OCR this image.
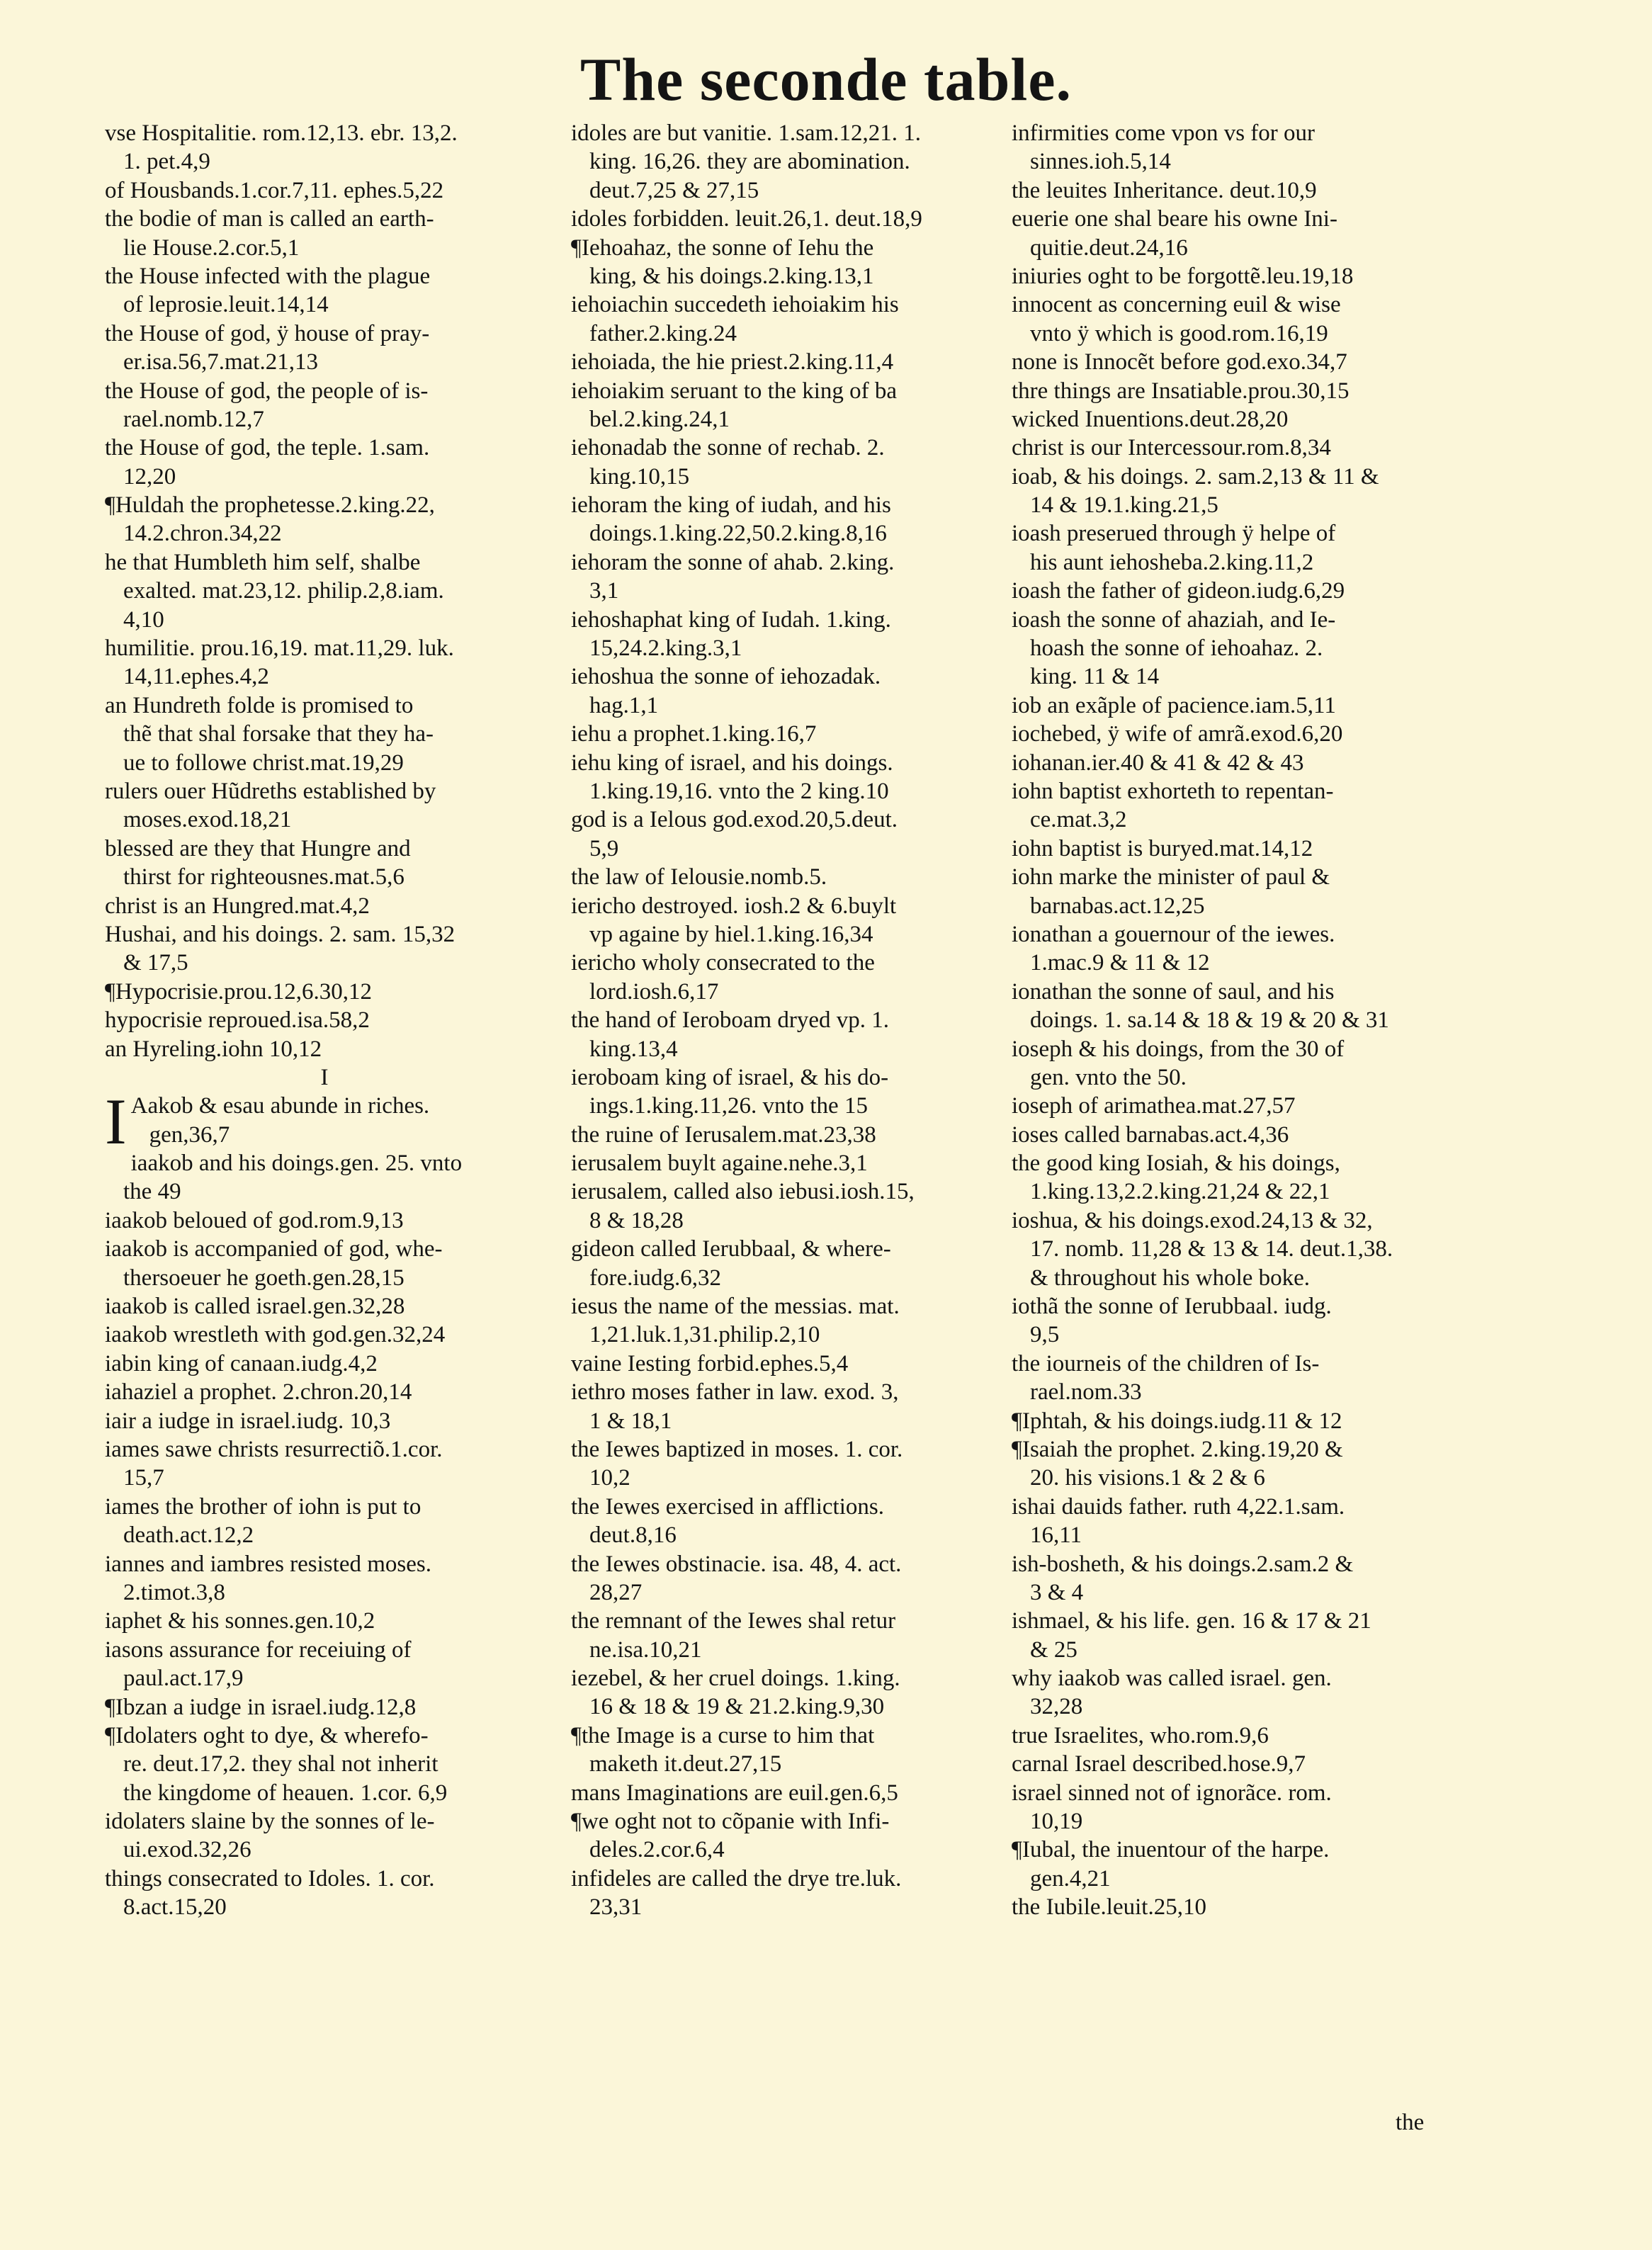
The seconde table.
vse Hospitalitie. rom.12,13. ebr. 13,2.
1. pet.4,9
of Housbands.1.cor.7,11. ephes.5,22
the bodie of man is called an earth-
lie House.2.cor.5,1
the House infected with the plague
of leprosie.leuit.14,14
the House of god, ÿ house of pray-
er.isa.56,7.mat.21,13
the House of god, the people of is-
rael.nomb.12,7
the House of god, the teple. 1.sam.
12,20
¶Huldah the prophetesse.2.king.22,
14.2.chron.34,22
he that Humbleth him self, shalbe
exalted. mat.23,12. philip.2,8.iam.
4,10
humilitie. prou.16,19. mat.11,29. luk.
14,11.ephes.4,2
an Hundreth folde is promised to
thẽ that shal forsake that they ha-
ue to followe christ.mat.19,29
rulers ouer Hũdreths established by
moses.exod.18,21
blessed are they that Hungre and
thirst for righteousnes.mat.5,6
christ is an Hungred.mat.4,2
Hushai, and his doings. 2. sam. 15,32
& 17,5
¶Hypocrisie.prou.12,6.30,12
hypocrisie reproued.isa.58,2
an Hyreling.iohn 10,12
I
I Aakob & esau abunde in riches.
gen,36,7
iaakob and his doings.gen. 25. vnto
the 49
iaakob beloued of god.rom.9,13
iaakob is accompanied of god, whe-
thersoeuer he goeth.gen.28,15
iaakob is called israel.gen.32,28
iaakob wrestleth with god.gen.32,24
iabin king of canaan.iudg.4,2
iahaziel a prophet. 2.chron.20,14
iair a iudge in israel.iudg. 10,3
iames sawe christs resurrectiõ.1.cor.
15,7
iames the brother of iohn is put to
death.act.12,2
iannes and iambres resisted moses.
2.timot.3,8
iaphet & his sonnes.gen.10,2
iasons assurance for receiuing of
paul.act.17,9
¶Ibzan a iudge in israel.iudg.12,8
¶Idolaters oght to dye, & wherefo-
re. deut.17,2. they shal not inherit
the kingdome of heauen. 1.cor. 6,9
idolaters slaine by the sonnes of le-
ui.exod.32,26
things consecrated to Idoles. 1. cor.
8.act.15,20
idoles are but vanitie. 1.sam.12,21. 1.
king. 16,26. they are abomination.
deut.7,25 & 27,15
idoles forbidden. leuit.26,1. deut.18,9
¶Iehoahaz, the sonne of Iehu the
king, & his doings.2.king.13,1
iehoiachin succedeth iehoiakim his
father.2.king.24
iehoiada, the hie priest.2.king.11,4
iehoiakim seruant to the king of ba
bel.2.king.24,1
iehonadab the sonne of rechab. 2.
king.10,15
iehoram the king of iudah, and his
doings.1.king.22,50.2.king.8,16
iehoram the sonne of ahab. 2.king.
3,1
iehoshaphat king of Iudah. 1.king.
15,24.2.king.3,1
iehoshua the sonne of iehozadak.
hag.1,1
iehu a prophet.1.king.16,7
iehu king of israel, and his doings.
1.king.19,16. vnto the 2 king.10
god is a Ielous god.exod.20,5.deut.
5,9
the law of Ielousie.nomb.5.
iericho destroyed. iosh.2 & 6.buylt
vp againe by hiel.1.king.16,34
iericho wholy consecrated to the
lord.iosh.6,17
the hand of Ieroboam dryed vp. 1.
king.13,4
ieroboam king of israel, & his do-
ings.1.king.11,26. vnto the 15
the ruine of Ierusalem.mat.23,38
ierusalem buylt againe.nehe.3,1
ierusalem, called also iebusi.iosh.15,
8 & 18,28
gideon called Ierubbaal, & where-
fore.iudg.6,32
iesus the name of the messias. mat.
1,21.luk.1,31.philip.2,10
vaine Iesting forbid.ephes.5,4
iethro moses father in law. exod. 3,
1 & 18,1
the Iewes baptized in moses. 1. cor.
10,2
the Iewes exercised in afflictions.
deut.8,16
the Iewes obstinacie. isa. 48, 4. act.
28,27
the remnant of the Iewes shal retur
ne.isa.10,21
iezebel, & her cruel doings. 1.king.
16 & 18 & 19 & 21.2.king.9,30
¶the Image is a curse to him that
maketh it.deut.27,15
mans Imaginations are euil.gen.6,5
¶we oght not to cõpanie with Infi-
deles.2.cor.6,4
infideles are called the drye tre.luk.
23,31
infirmities come vpon vs for our
sinnes.ioh.5,14
the leuites Inheritance. deut.10,9
euerie one shal beare his owne Ini-
quitie.deut.24,16
iniuries oght to be forgottẽ.leu.19,18
innocent as concerning euil & wise
vnto ÿ which is good.rom.16,19
none is Innocẽt before god.exo.34,7
thre things are Insatiable.prou.30,15
wicked Inuentions.deut.28,20
christ is our Intercessour.rom.8,34
ioab, & his doings. 2. sam.2,13 & 11 &
14 & 19.1.king.21,5
ioash preserued through ÿ helpe of
his aunt iehosheba.2.king.11,2
ioash the father of gideon.iudg.6,29
ioash the sonne of ahaziah, and Ie-
hoash the sonne of iehoahaz. 2.
king. 11 & 14
iob an exãple of pacience.iam.5,11
iochebed, ÿ wife of amrã.exod.6,20
iohanan.ier.40 & 41 & 42 & 43
iohn baptist exhorteth to repentan-
ce.mat.3,2
iohn baptist is buryed.mat.14,12
iohn marke the minister of paul &
barnabas.act.12,25
ionathan a gouernour of the iewes.
1.mac.9 & 11 & 12
ionathan the sonne of saul, and his
doings. 1. sa.14 & 18 & 19 & 20 & 31
ioseph & his doings, from the 30 of
gen. vnto the 50.
ioseph of arimathea.mat.27,57
ioses called barnabas.act.4,36
the good king Iosiah, & his doings,
1.king.13,2.2.king.21,24 & 22,1
ioshua, & his doings.exod.24,13 & 32,
17. nomb. 11,28 & 13 & 14. deut.1,38.
& throughout his whole boke.
iothã the sonne of Ierubbaal. iudg.
9,5
the iourneis of the children of Is-
rael.nom.33
¶Iphtah, & his doings.iudg.11 & 12
¶Isaiah the prophet. 2.king.19,20 &
20. his visions.1 & 2 & 6
ishai dauids father. ruth 4,22.1.sam.
16,11
ish-bosheth, & his doings.2.sam.2 &
3 & 4
ishmael, & his life. gen. 16 & 17 & 21
& 25
why iaakob was called israel. gen.
32,28
true Israelites, who.rom.9,6
carnal Israel described.hose.9,7
israel sinned not of ignorãce. rom.
10,19
¶Iubal, the inuentour of the harpe.
gen.4,21
the Iubile.leuit.25,10
the
